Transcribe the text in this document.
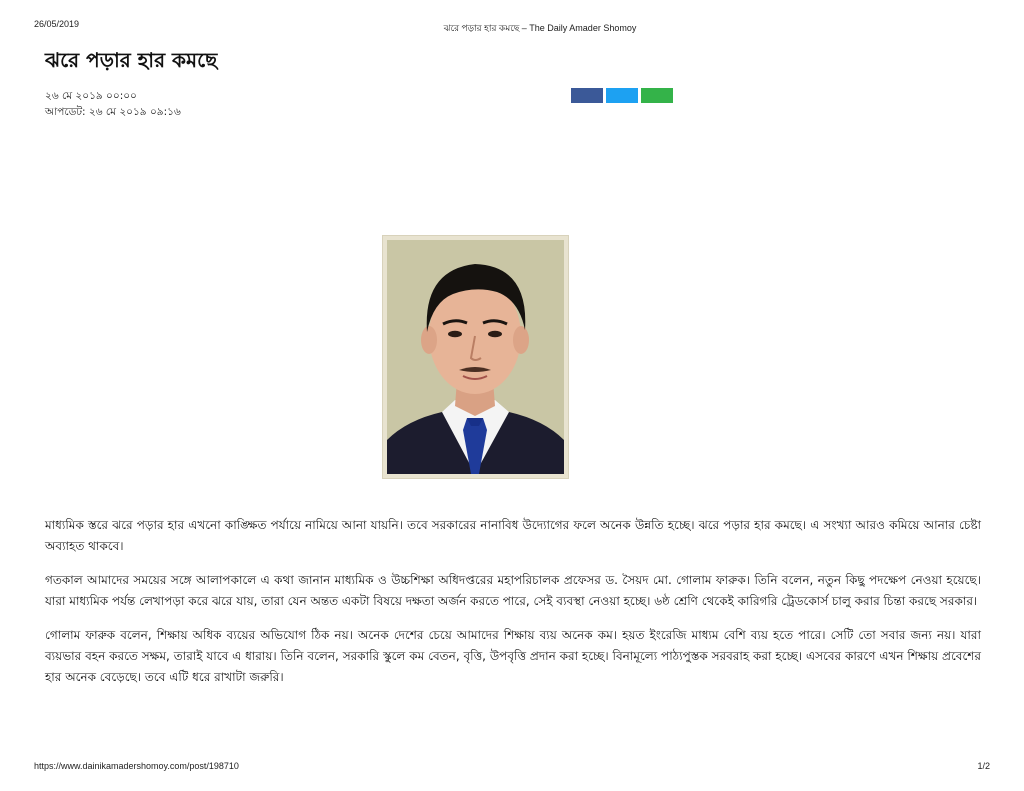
26/05/2019	ঝরে পড়ার হার কমছে – The Daily Amader Shomoy
ঝরে পড়ার হার কমছে
২৬ মে ২০১৯ ০০:০০
আপডেট: ২৬ মে ২০১৯ ০৯:১৬

মাধ্যমিক স্তরে ঝরে পড়ার হার এখনো কাঙ্ক্ষিত পর্যায়ে নামিয়ে আনা যায়নি। তবে সরকারের নানাবিধ উদ্যোগের ফলে অনেক উন্নতি হচ্ছে। ঝরে পড়ার হার কমছে। এ সংখ্যা আরও কমিয়ে আনার চেষ্টা অব্যাহত থাকবে।

গতকাল আমাদের সময়ের সঙ্গে আলাপকালে এ কথা জানান মাধ্যমিক ও উচ্চশিক্ষা অধিদপ্তরের মহাপরিচালক প্রফেসর ড. সৈয়দ মো. গোলাম ফারুক। তিনি বলেন, নতুন কিছু পদক্ষেপ নেওয়া হয়েছে। যারা মাধ্যমিক পর্যন্ত লেখাপড়া করে ঝরে যায়, তারা যেন অন্তত একটা বিষয়ে দক্ষতা অর্জন করতে পারে, সেই ব্যবস্থা নেওয়া হচ্ছে। ৬ষ্ঠ শ্রেণি থেকেই কারিগরি ট্রেডকোর্স চালু করার চিন্তা করছে সরকার।

গোলাম ফারুক বলেন, শিক্ষায় অধিক ব্যয়ের অভিযোগ ঠিক নয়। অনেক দেশের চেয়ে আমাদের শিক্ষায় ব্যয় অনেক কম। হয়ত ইংরেজি মাধ্যম বেশি ব্যয় হতে পারে। সেটি তো সবার জন্য নয়। যারা ব্যয়ভার বহন করতে সক্ষম, তারাই যাবে এ ধারায়। তিনি বলেন, সরকারি স্কুলে কম বেতন, বৃত্তি, উপবৃত্তি প্রদান করা হচ্ছে। বিনামূল্যে পাঠ্যপুস্তক সরবরাহ করা হচ্ছে। এসবের কারণে এখন শিক্ষায় প্রবেশের হার অনেক বেড়েছে। তবে এটি ধরে রাখাটা জরুরি।

https://www.dainikamadershomoy.com/post/198710	1/2
